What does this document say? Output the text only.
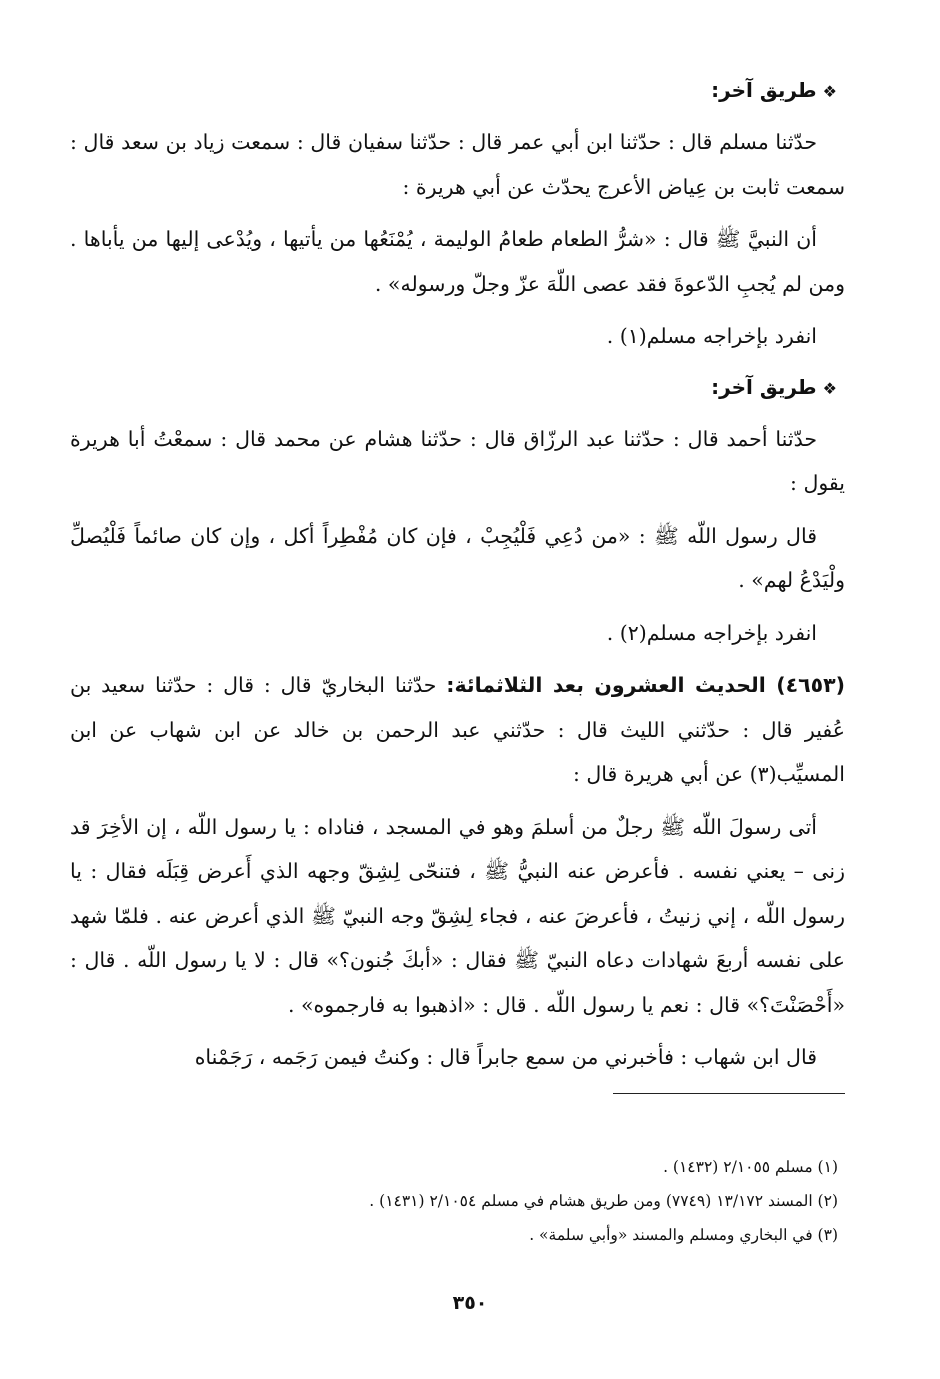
❖طريق آخر:

حدّثنا مسلم قال : حدّثنا ابن أبي عمر قال : حدّثنا سفيان قال : سمعت زياد بن سعد قال : سمعت ثابت بن عِياض الأعرج يحدّث عن أبي هريرة :

أن النبيَّ ﷺ قال : «شرُّ الطعام طعامُ الوليمة ، يُمْنَعُها من يأتيها ، ويُدْعى إليها من يأباها . ومن لم يُجبِ الدّعوةَ فقد عصى اللّهَ عزّ وجلّ ورسوله» .

انفرد بإخراجه مسلم(١) .

❖طريق آخر:

حدّثنا أحمد قال : حدّثنا عبد الرزّاق قال : حدّثنا هشام عن محمد قال : سمعْتُ أبا هريرة يقول :

قال رسول اللّه ﷺ : «من دُعِي فَلْيُجِبْ ، فإن كان مُفْطِراً أكل ، وإن كان صائماً فَلْيُصلِّ ولْيَدْعُ لهم» .

انفرد بإخراجه مسلم(٢) .

(٤٦٥٣) الحديث العشرون بعد الثلاثمائة: حدّثنا البخاريّ قال : قال : حدّثنا سعيد بن عُفير قال : حدّثني الليث قال : حدّثني عبد الرحمن بن خالد عن ابن شهاب عن ابن المسيِّب(٣) عن أبي هريرة قال :

أتى رسولَ اللّه ﷺ رجلٌ من أسلمَ وهو في المسجد ، فناداه : يا رسول اللّه ، إن الأخِرَ قد زنى – يعني نفسه . فأعرض عنه النبيُّ ﷺ ، فتنحّى لِشِقّ وجهه الذي أَعرض قِبَلَه فقال : يا رسول اللّه ، إني زنيتُ ، فأعرضَ عنه ، فجاء لِشِقّ وجه النبيّ ﷺ الذي أعرض عنه . فلمّا شهد على نفسه أربعَ شهادات دعاه النبيّ ﷺ فقال : «أبكَ جُنون؟» قال : لا يا رسول اللّه . قال : «أَحْصَنْتَ؟» قال : نعم يا رسول اللّه . قال : «اذهبوا به فارجموه» .

قال ابن شهاب : فأخبرني من سمع جابراً قال : وكنتُ فيمن رَجَمه ، رَجَمْناه

(١) مسلم ٢/١٠٥٥ (١٤٣٢) .

(٢) المسند ١٣/١٧٢ (٧٧٤٩) ومن طريق هشام في مسلم ٢/١٠٥٤ (١٤٣١) .

(٣) في البخاري ومسلم والمسند «وأبي سلمة» .

٣٥٠
